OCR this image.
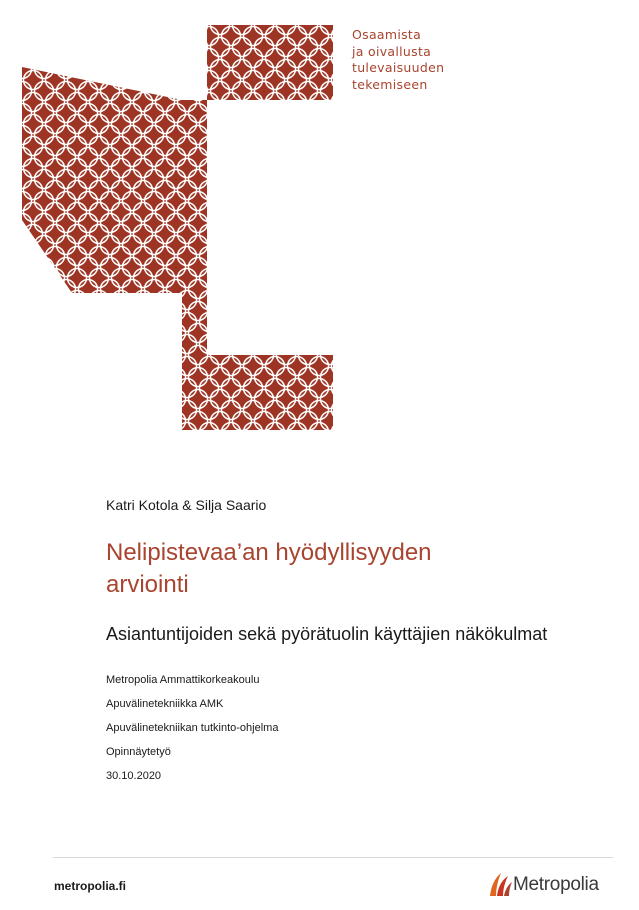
Osaamista
ja oivallusta
tulevaisuuden
tekemiseen
Katri Kotola & Silja Saario
Nelipistevaa’an hyödyllisyyden
arviointi
Asiantuntijoiden sekä pyörätuolin käyttäjien näkökulmat
Metropolia Ammattikorkeakoulu
Apuvälinetekniikka AMK
Apuvälinetekniikan tutkinto-ohjelma
Opinnäytetyö
30.10.2020
metropolia.fi	Metropolia
